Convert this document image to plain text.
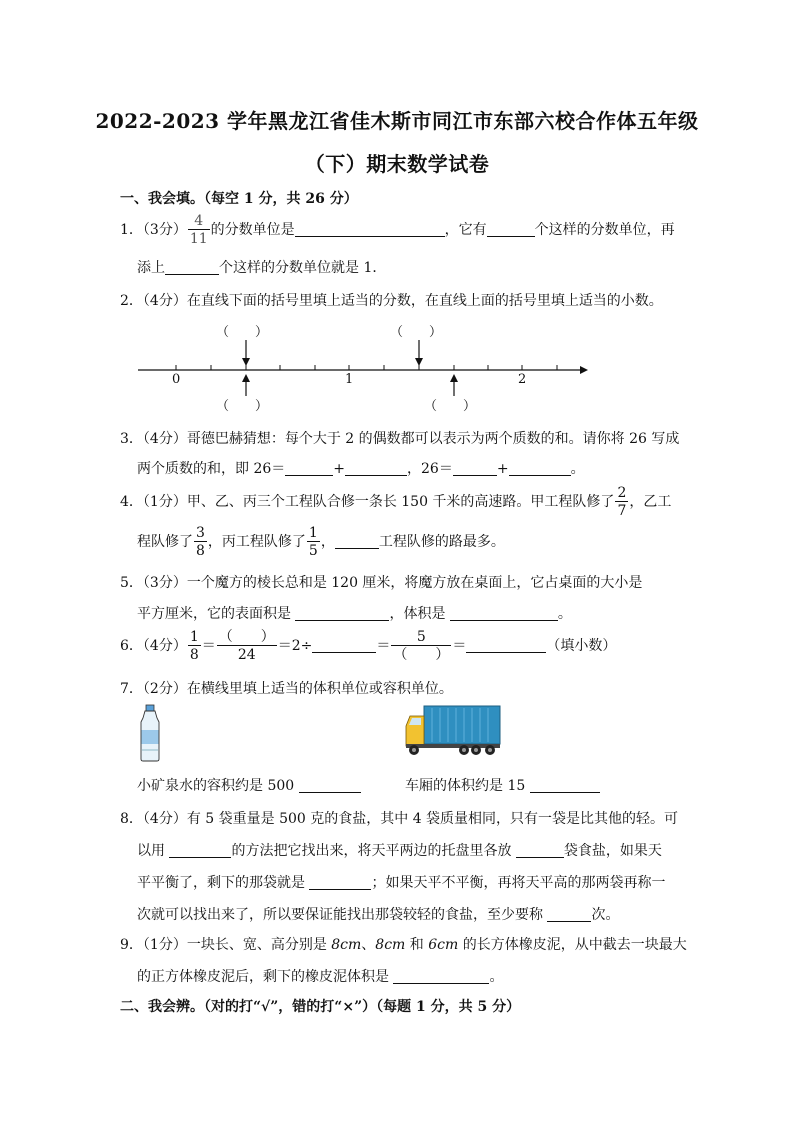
2022-2023 学年黑龙江省佳木斯市同江市东部六校合作体五年级
（下）期末数学试卷
一、我会填。（每空 1 分，共 26 分）
1．（3分） $\frac{4}{11}$ 的分数单位是	，它有	个这样的分数单位，再
添上	个这样的分数单位就是 1．
2．（4分）在直线下面的括号里填上适当的分数，在直线上面的括号里填上适当的小数。
（　　）	（　　）
0	1	2
（　　）	（　　）
3．（4分）哥德巴赫猜想：每个大于 2 的偶数都可以表示为两个质数的和。请你将 26 写成
两个质数的和，即 26＝	+	，26＝	+	。
4．（1分）甲、乙、丙三个工程队合修一条长 150 千米的高速路。甲工程队修了 $\frac{2}{7}$ ，乙工
程队修了 $\frac{3}{8}$ ，丙工程队修了 $\frac{1}{5}$ ，	工程队修的路最多。
5．（3分）一个魔方的棱长总和是 120 厘米，将魔方放在桌面上，它占桌面的大小是
平方厘米，它的表面积是	，体积是	。
6．（4分） $\frac{1}{8} = \frac{( )}{24} =2\div$	＝ $\frac{5}{( )}$ ＝	（填小数）
7．（2分）在横线里填上适当的体积单位或容积单位。
小矿泉水的容积约是 500	车厢的体积约是 15
8．（4分）有 5 袋重量是 500 克的食盐，其中 4 袋质量相同，只有一袋是比其他的轻。可
以用	的方法把它找出来，将天平两边的托盘里各放	袋食盐，如果天
平平衡了，剩下的那袋就是	；如果天平不平衡，再将天平高的那两袋再称一
次就可以找出来了，所以要保证能找出那袋较轻的食盐，至少要称	次。
9．（1分）一块长、宽、高分别是 8cm、8cm 和 6cm 的长方体橡皮泥，从中截去一块最大
的正方体橡皮泥后，剩下的橡皮泥体积是	。
二、我会辨。（对的打“√”，错的打“×”）（每题 1 分，共 5 分）
